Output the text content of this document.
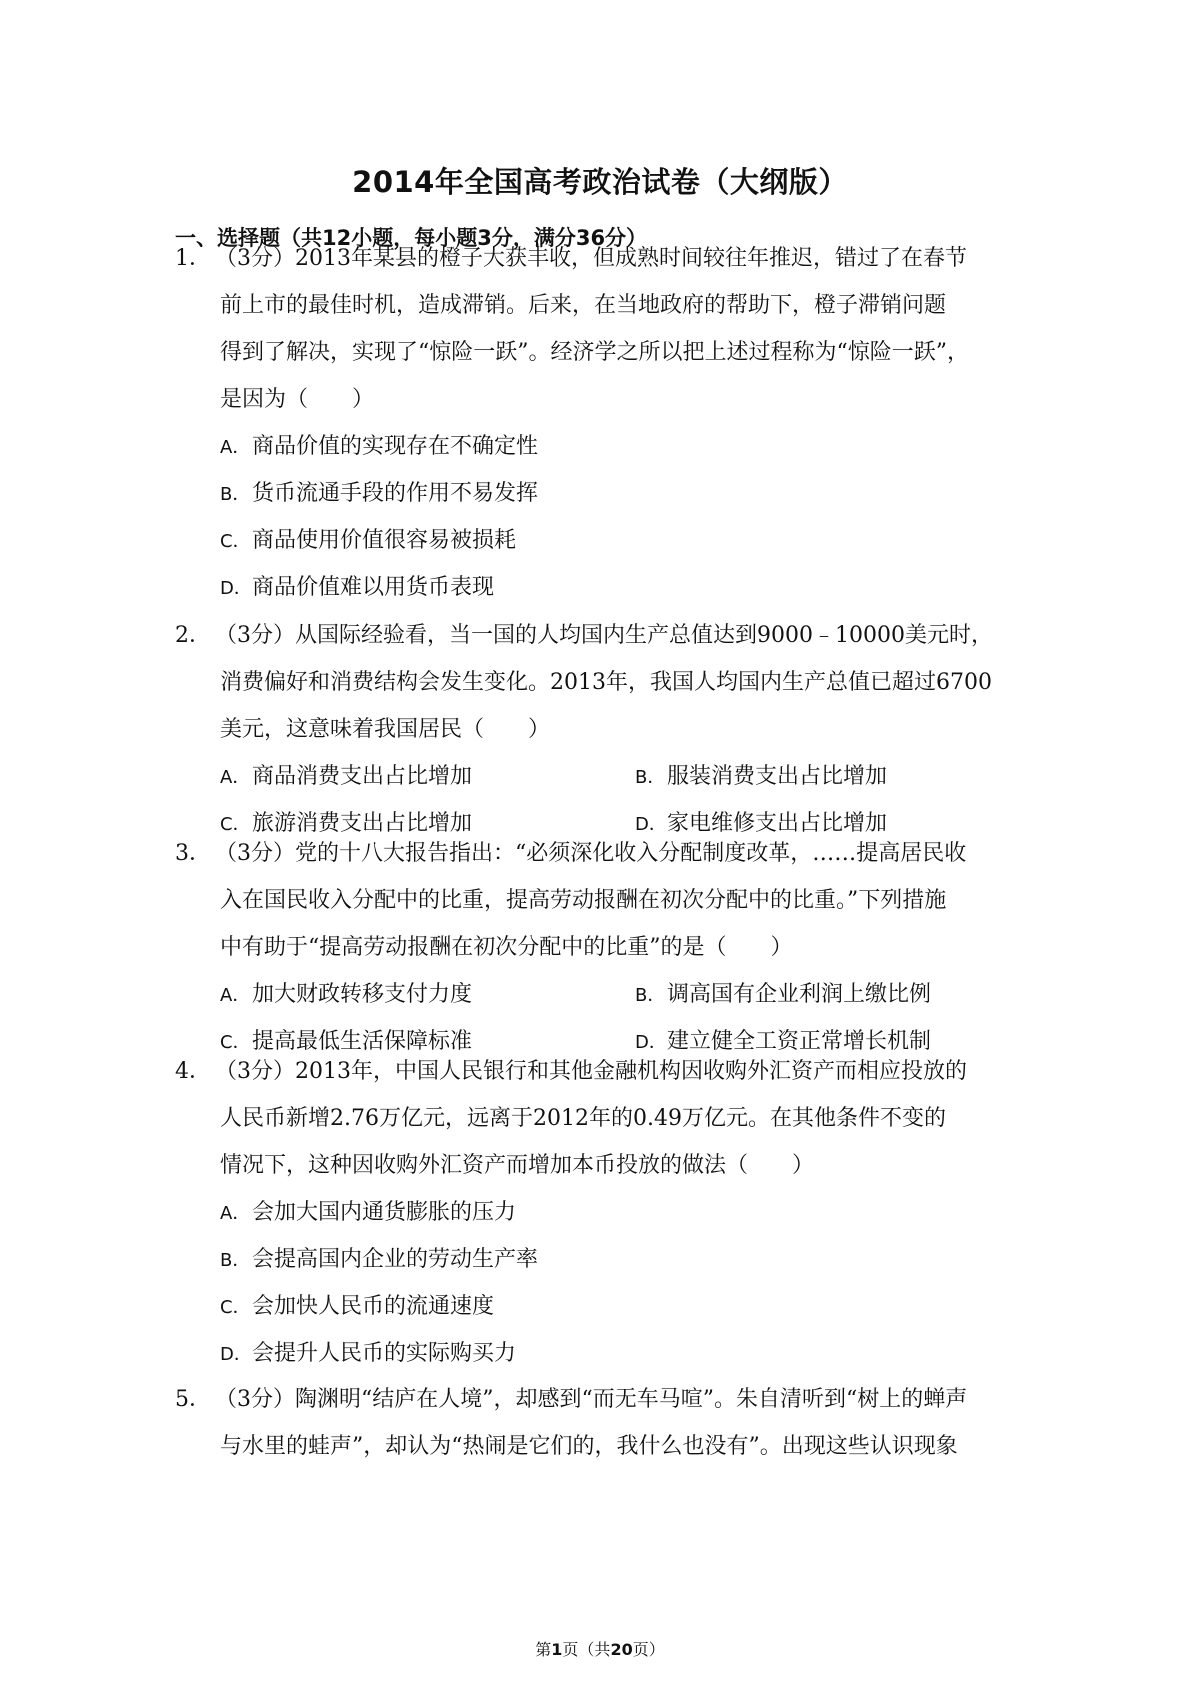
2014年全国高考政治试卷（大纲版）
一、选择题（共12小题，每小题3分，满分36分）
1． （3分）2013年某县的橙子大获丰收，但成熟时间较往年推迟，错过了在春节
前上市的最佳时机，造成滞销。后来，在当地政府的帮助下，橙子滞销问题
得到了解决，实现了“惊险一跃”。经济学之所以把上述过程称为“惊险一跃”，
是因为（　　）
A．商品价值的实现存在不确定性
B．货币流通手段的作用不易发挥
C．商品使用价值很容易被损耗
D．商品价值难以用货币表现
2． （3分）从国际经验看，当一国的人均国内生产总值达到9000﹣10000美元时，
消费偏好和消费结构会发生变化。2013年，我国人均国内生产总值已超过6700
美元，这意味着我国居民（　　）
A．商品消费支出占比增加	B．服装消费支出占比增加
C．旅游消费支出占比增加	D．家电维修支出占比增加
3． （3分）党的十八大报告指出：“必须深化收入分配制度改革，……提高居民收
入在国民收入分配中的比重，提高劳动报酬在初次分配中的比重。”下列措施
中有助于“提高劳动报酬在初次分配中的比重”的是（　　）
A．加大财政转移支付力度	B．调高国有企业利润上缴比例
C．提高最低生活保障标准	D．建立健全工资正常增长机制
4． （3分）2013年，中国人民银行和其他金融机构因收购外汇资产而相应投放的
人民币新增2.76万亿元，远离于2012年的0.49万亿元。在其他条件不变的
情况下，这种因收购外汇资产而增加本币投放的做法（　　）
A．会加大国内通货膨胀的压力
B．会提高国内企业的劳动生产率
C．会加快人民币的流通速度
D．会提升人民币的实际购买力
5． （3分）陶渊明“结庐在人境”，却感到“而无车马喧”。朱自清听到“树上的蝉声
与水里的蛙声”，却认为“热闹是它们的，我什么也没有”。出现这些认识现象
第1页（共20页）
